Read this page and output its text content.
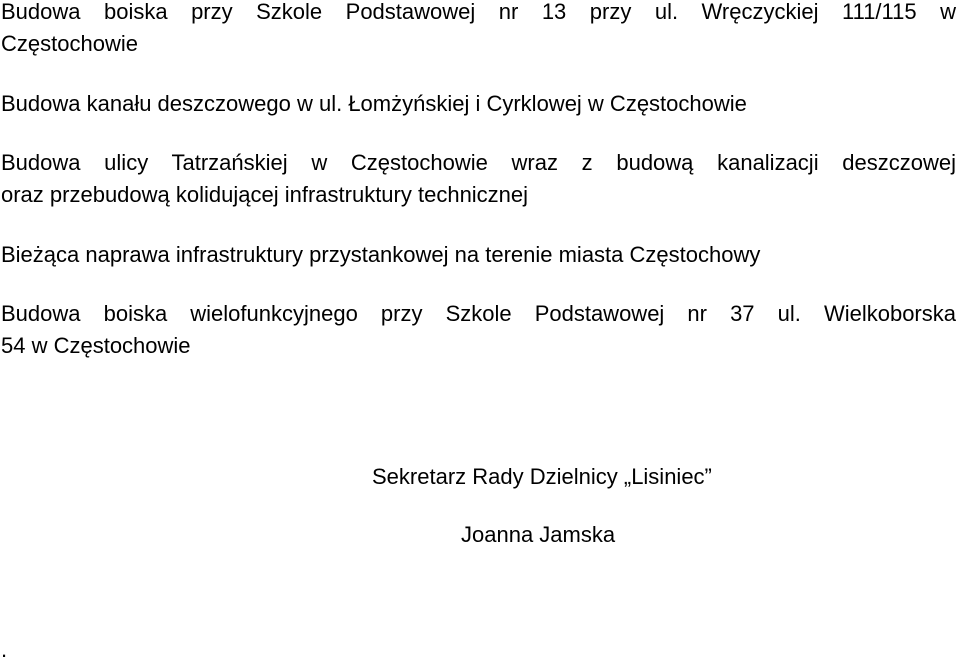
Budowa boiska przy Szkole Podstawowej nr 13 przy ul. Wręczyckiej 111/115 w
Częstochowie
Budowa kanału deszczowego w ul. Łomżyńskiej i Cyrklowej w Częstochowie
Budowa ulicy Tatrzańskiej w Częstochowie wraz z budową kanalizacji deszczowej
oraz przebudową kolidującej infrastruktury technicznej
Bieżąca naprawa infrastruktury przystankowej na terenie miasta Częstochowy
Budowa boiska wielofunkcyjnego przy Szkole Podstawowej nr 37 ul. Wielkoborska
54 w Częstochowie

Sekretarz Rady Dzielnicy „Lisiniec”

Joanna Jamska

.
